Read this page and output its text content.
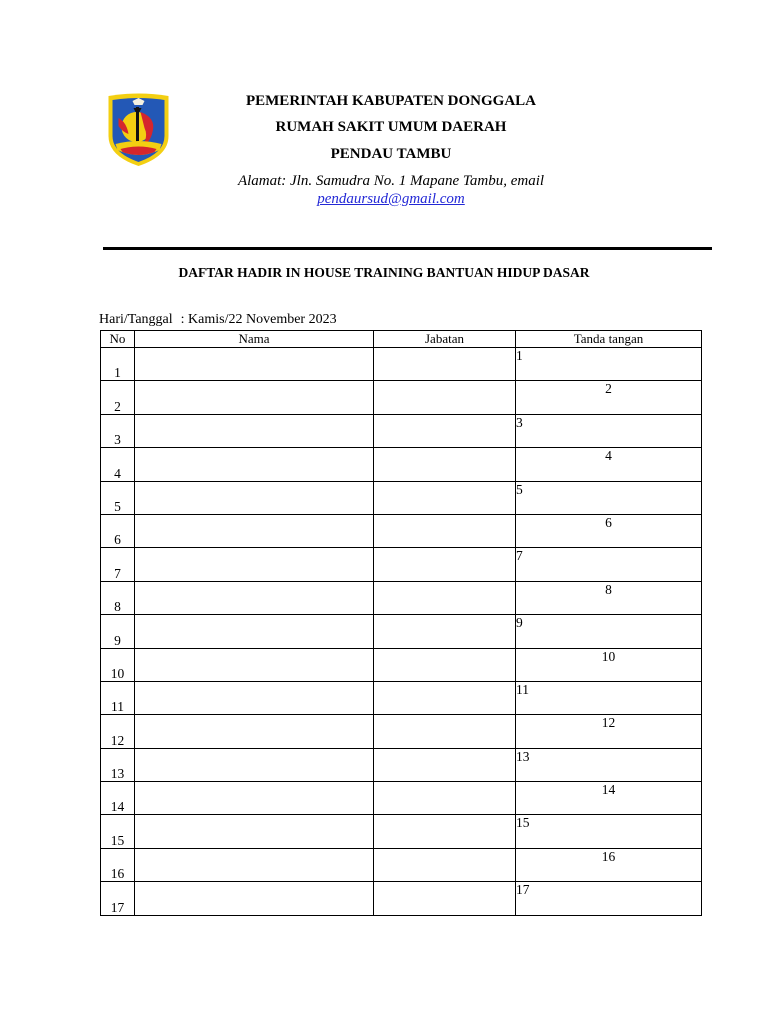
PEMERINTAH KABUPATEN DONGGALA
RUMAH SAKIT UMUM DAERAH
PENDAU TAMBU
Alamat: Jln. Samudra No. 1 Mapane Tambu, email
pendaursud@gmail.com
DAFTAR HADIR IN HOUSE TRAINING BANTUAN HIDUP DASAR
Hari/Tanggal : Kamis/22 November 2023
No	Nama	Jabatan	Tanda tangan
1			1
2			2
3			3
4			4
5			5
6			6
7			7
8			8
9			9
10			10
11			11
12			12
13			13
14			14
15			15
16			16
17			17
